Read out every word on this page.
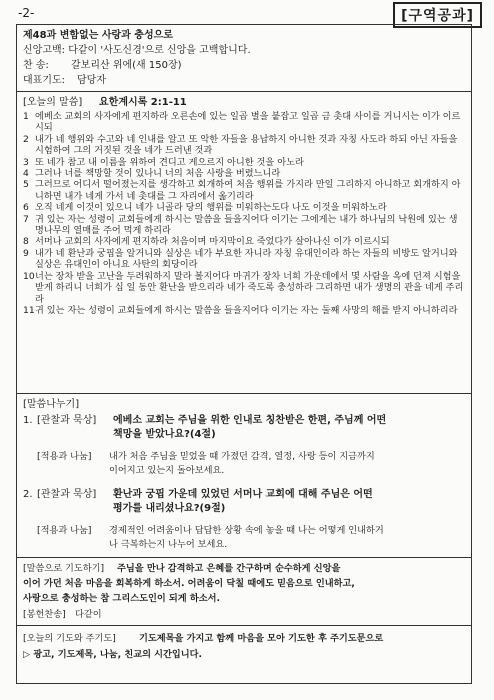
-2-	[구역공과]
제48과 변함없는 사랑과 충성으로
신앙고백: 다같이 '사도신경'으로 신앙을 고백합니다.
찬 송: 갈보리산 위에(새 150장)
대표기도: 담당자
[오늘의 말씀] 요한계시록 2:1-11
1 에베소 교회의 사자에게 편지하라 오른손에 있는 일곱 별을 붙잡고 일곱 금 촛대 사이를 거니시는 이가 이르시되
2 내가 네 행위와 수고와 네 인내를 알고 또 악한 자들을 용납하지 아니한 것과 자칭 사도라 하되 아닌 자들을 시험하여 그의 거짓된 것을 네가 드러낸 것과
3 또 네가 참고 내 이름을 위하여 견디고 게으르지 아니한 것을 아노라
4 그러나 너를 책망할 것이 있나니 너의 처음 사랑을 버렸느니라
5 그러므로 어디서 떨어졌는지를 생각하고 회개하여 처음 행위를 가지라 만일 그리하지 아니하고 회개하지 아니하면 내가 네게 가서 네 촛대를 그 자리에서 옮기리라
6 오직 네게 이것이 있으니 네가 니골라 당의 행위를 미워하는도다 나도 이것을 미워하노라
7 귀 있는 자는 성령이 교회들에게 하시는 말씀을 들을지어다 이기는 그에게는 내가 하나님의 낙원에 있는 생명나무의 열매를 주어 먹게 하리라
8 서머나 교회의 사자에게 편지하라 처음이며 마지막이요 죽었다가 살아나신 이가 이르시되
9 내가 네 환난과 궁핍을 알거니와 실상은 네가 부요한 자니라 자칭 유대인이라 하는 자들의 비방도 알거니와 실상은 유대인이 아니요 사탄의 회당이라
10 너는 장차 받을 고난을 두려워하지 말라 볼지어다 마귀가 장차 너희 가운데에서 몇 사람을 옥에 던져 시험을 받게 하리니 너희가 십 일 동안 환난을 받으리라 네가 죽도록 충성하라 그리하면 내가 생명의 관을 네게 주리라
11 귀 있는 자는 성령이 교회들에게 하시는 말씀을 들을지어다 이기는 자는 둘째 사망의 해를 받지 아니하리라
[말씀나누기]
1. [관찰과 묵상] 에베소 교회는 주님을 위한 인내로 칭찬받은 한편, 주님께 어떤
책망을 받았나요?(4절)
[적용과 나눔] 내가 처음 주님을 믿었을 때 가졌던 감격, 열정, 사랑 등이 지금까지
이어지고 있는지 돌아보세요.
2. [관찰과 묵상] 환난과 궁핍 가운데 있었던 서머나 교회에 대해 주님은 어떤
평가를 내리셨나요?(9절)
[적용과 나눔] 경제적인 어려움이나 답답한 상황 속에 놓을 때 나는 어떻게 인내하거
나 극복하는지 나누어 보세요.
[말씀으로 기도하기] 주님을 만나 감격하고 은혜를 간구하며 순수하게 신앙을
이어 가던 처음 마음을 회복하게 하소서. 어려움이 닥칠 때에도 믿음으로 인내하고,
사랑으로 충성하는 참 그리스도인이 되게 하소서.
[봉헌찬송] 다같이
[오늘의 기도와 주기도]	기도제목을 가지고 함께 마음을 모아 기도한 후 주기도문으로
▷ 광고, 기도제목, 나눔, 친교의 시간입니다.
